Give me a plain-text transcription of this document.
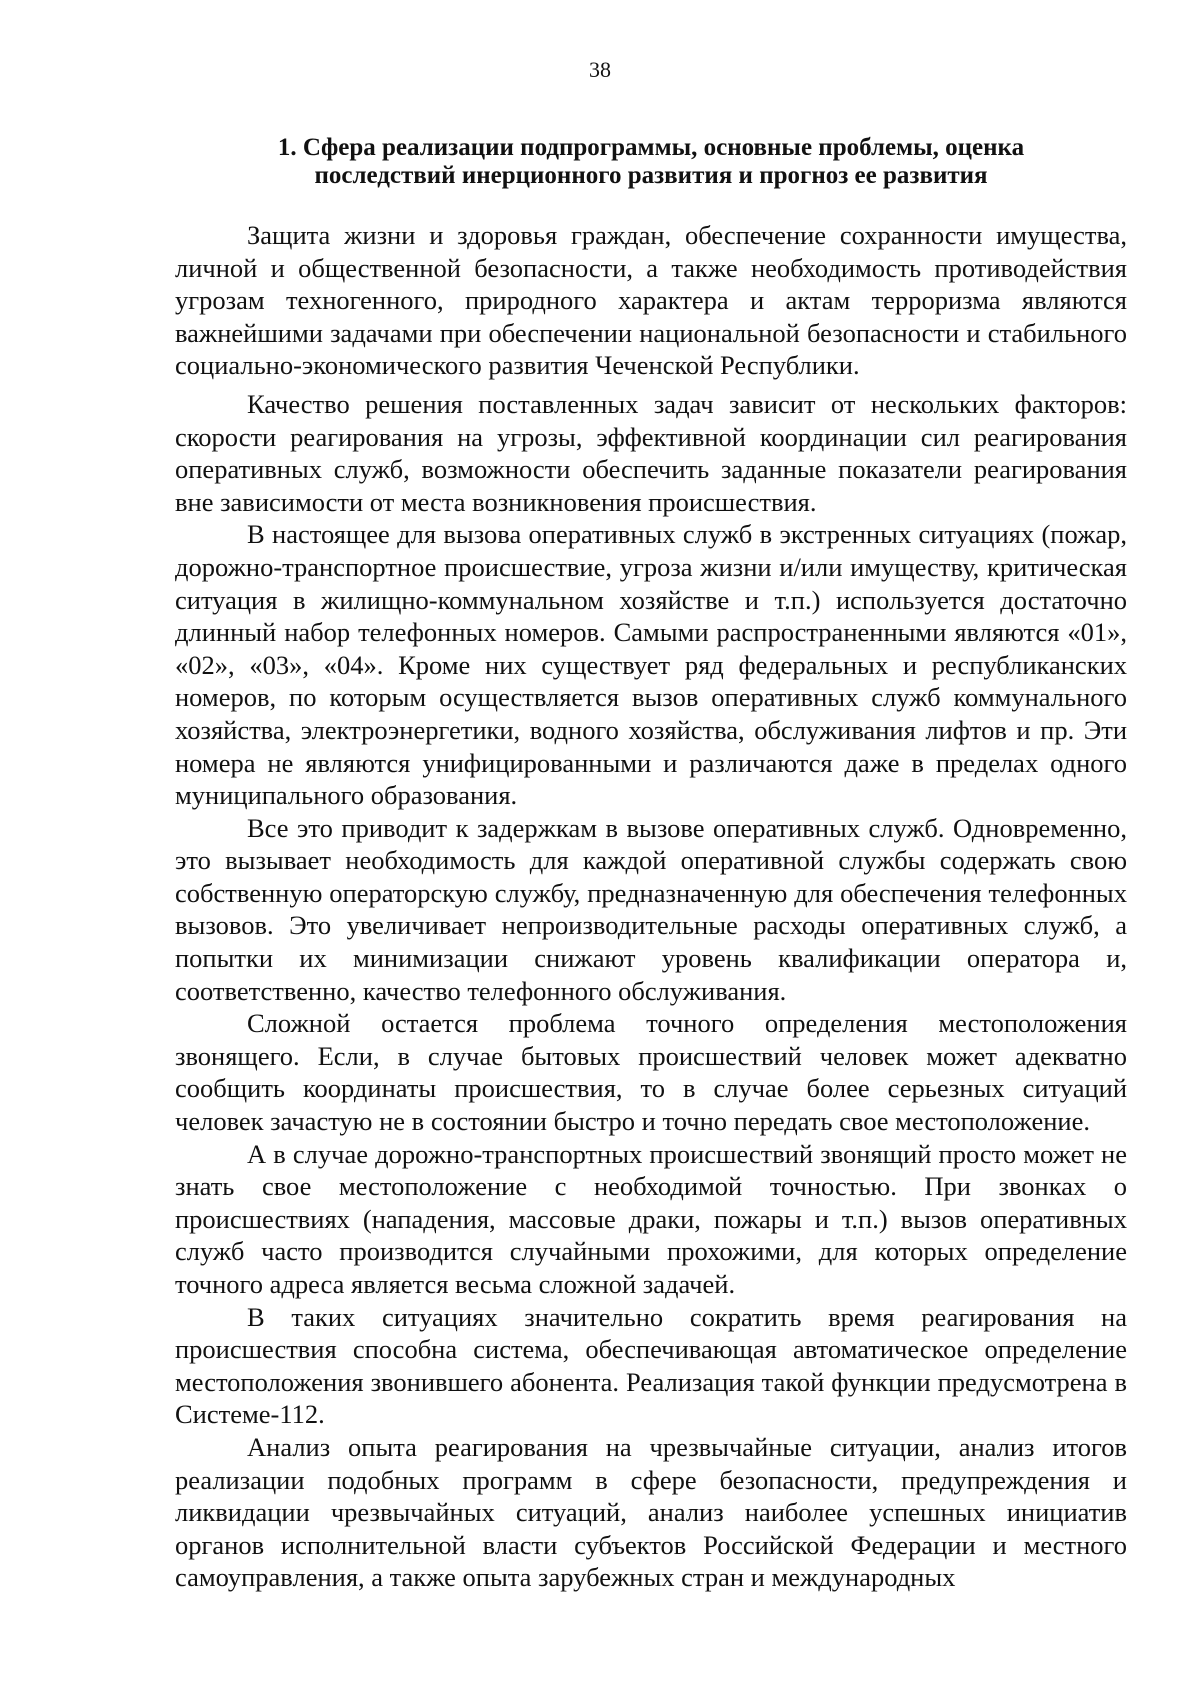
38
1. Сфера реализации подпрограммы, основные проблемы, оценка
последствий инерционного развития и прогноз ее развития

Защита жизни и здоровья граждан, обеспечение сохранности имущества, личной и общественной безопасности, а также необходимость противодействия угрозам техногенного, природного характера и актам терроризма являются важнейшими задачами при обеспечении национальной безопасности и стабильного социально-экономического развития Чеченской Республики.

Качество решения поставленных задач зависит от нескольких факторов: скорости реагирования на угрозы, эффективной координации сил реагирования оперативных служб, возможности обеспечить заданные показатели реагирования вне зависимости от места возникновения происшествия.

В настоящее для вызова оперативных служб в экстренных ситуациях (пожар, дорожно-транспортное происшествие, угроза жизни и/или имуществу, критическая ситуация в жилищно-коммунальном хозяйстве и т.п.) используется достаточно длинный набор телефонных номеров. Самыми распространенными являются «01», «02», «03», «04». Кроме них существует ряд федеральных и республиканских номеров, по которым осуществляется вызов оперативных служб коммунального хозяйства, электроэнергетики, водного хозяйства, обслуживания лифтов и пр. Эти номера не являются унифицированными и различаются даже в пределах одного муниципального образования.

Все это приводит к задержкам в вызове оперативных служб. Одновременно, это вызывает необходимость для каждой оперативной службы содержать свою собственную операторскую службу, предназначенную для обеспечения телефонных вызовов. Это увеличивает непроизводительные расходы оперативных служб, а попытки их минимизации снижают уровень квалификации оператора и, соответственно, качество телефонного обслуживания.

Сложной остается проблема точного определения местоположения звонящего. Если, в случае бытовых происшествий человек может адекватно сообщить координаты происшествия, то в случае более серьезных ситуаций человек зачастую не в состоянии быстро и точно передать свое местоположение.

А в случае дорожно-транспортных происшествий звонящий просто может не знать свое местоположение с необходимой точностью. При звонках о происшествиях (нападения, массовые драки, пожары и т.п.) вызов оперативных служб часто производится случайными прохожими, для которых определение точного адреса является весьма сложной задачей.

В таких ситуациях значительно сократить время реагирования на происшествия способна система, обеспечивающая автоматическое определение местоположения звонившего абонента. Реализация такой функции предусмотрена в Системе-112.

Анализ опыта реагирования на чрезвычайные ситуации, анализ итогов реализации подобных программ в сфере безопасности, предупреждения и ликвидации чрезвычайных ситуаций, анализ наиболее успешных инициатив органов исполнительной власти субъектов Российской Федерации и местного самоуправления, а также опыта зарубежных стран и международных
